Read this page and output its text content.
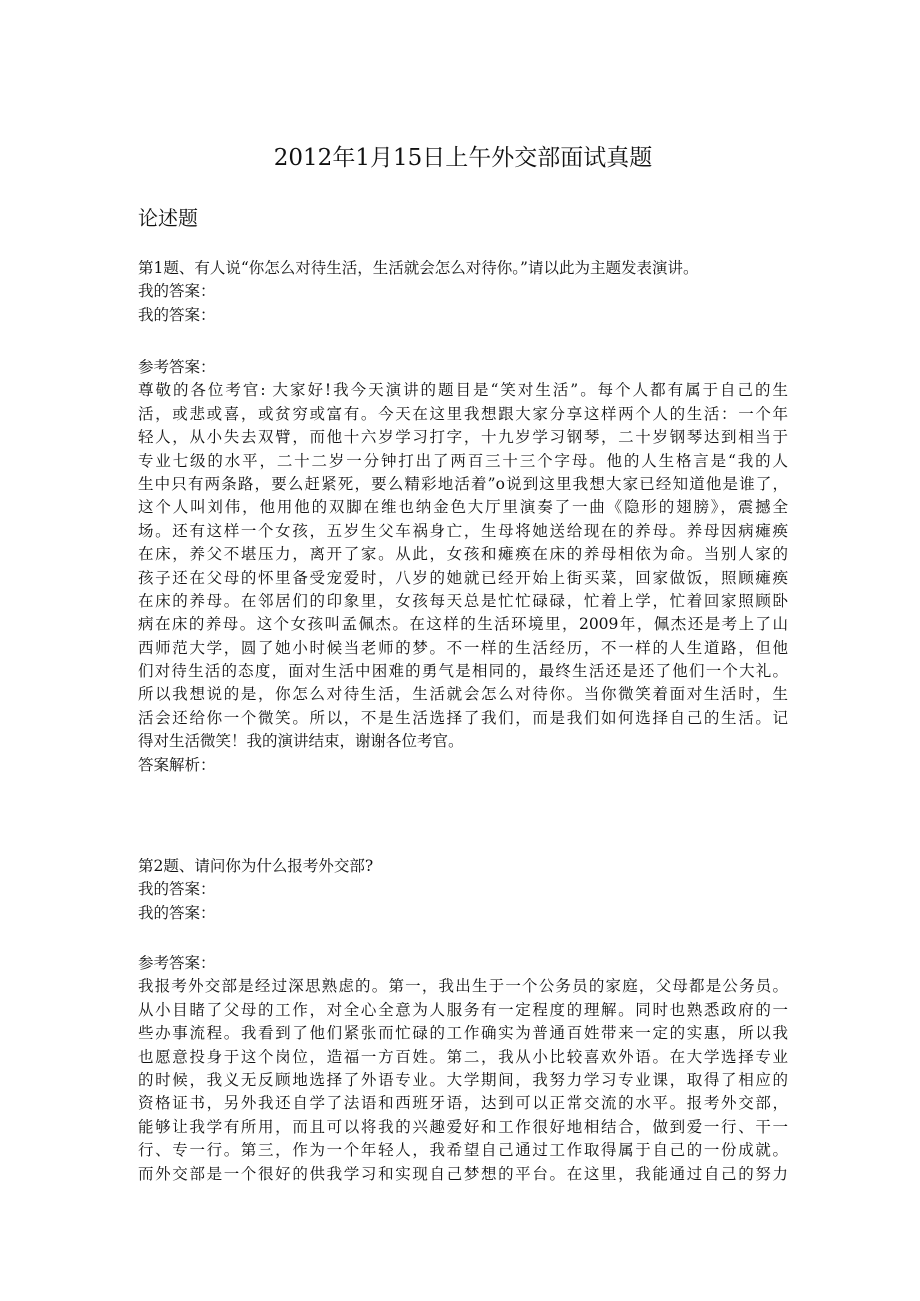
2012年1月15日上午外交部面试真题
论述题
第1题、有人说“你怎么对待生活，生活就会怎么对待你。”请以此为主题发表演讲。
我的答案：
我的答案：
参考答案：
尊敬的各位考官: 大家好!我今天演讲的题目是“笑对生活”。每个人都有属于自己的生
活，或悲或喜，或贫穷或富有。今天在这里我想跟大家分享这样两个人的生活：一个年
轻人，从小失去双臂，而他十六岁学习打字，十九岁学习钢琴，二十岁钢琴达到相当于
专业七级的水平，二十二岁一分钟打出了两百三十三个字母。他的人生格言是“我的人
生中只有两条路，要么赶紧死，要么精彩地活着”o说到这里我想大家已经知道他是谁了，
这个人叫刘伟，他用他的双脚在维也纳金色大厅里演奏了一曲《隐形的翅膀》，震撼全
场。还有这样一个女孩，五岁生父车祸身亡，生母将她送给现在的养母。养母因病瘫痪
在床，养父不堪压力，离开了家。从此，女孩和瘫痪在床的养母相依为命。当别人家的
孩子还在父母的怀里备受宠爱时，八岁的她就已经开始上街买菜，回家做饭，照顾瘫痪
在床的养母。在邻居们的印象里，女孩每天总是忙忙碌碌，忙着上学，忙着回家照顾卧
病在床的养母。这个女孩叫孟佩杰。在这样的生活环境里，2009年，佩杰还是考上了山
西师范大学，圆了她小时候当老师的梦。不一样的生活经历，不一样的人生道路，但他
们对待生活的态度，面对生活中困难的勇气是相同的，最终生活还是还了他们一个大礼。
所以我想说的是，你怎么对待生活，生活就会怎么对待你。当你微笑着面对生活时，生
活会还给你一个微笑。所以，不是生活选择了我们，而是我们如何选择自己的生活。记
得对生活微笑！我的演讲结束，谢谢各位考官。
答案解析：
第2题、请问你为什么报考外交部?
我的答案：
我的答案：
参考答案：
我报考外交部是经过深思熟虑的。第一，我出生于一个公务员的家庭，父母都是公务员。
从小目睹了父母的工作，对全心全意为人服务有一定程度的理解。同时也熟悉政府的一
些办事流程。我看到了他们紧张而忙碌的工作确实为普通百姓带来一定的实惠，所以我
也愿意投身于这个岗位，造福一方百姓。第二，我从小比较喜欢外语。在大学选择专业
的时候，我义无反顾地选择了外语专业。大学期间，我努力学习专业课，取得了相应的
资格证书，另外我还自学了法语和西班牙语，达到可以正常交流的水平。报考外交部，
能够让我学有所用，而且可以将我的兴趣爱好和工作很好地相结合，做到爱一行、干一
行、专一行。第三，作为一个年轻人，我希望自己通过工作取得属于自己的一份成就。
而外交部是一个很好的供我学习和实现自己梦想的平台。在这里，我能通过自己的努力
